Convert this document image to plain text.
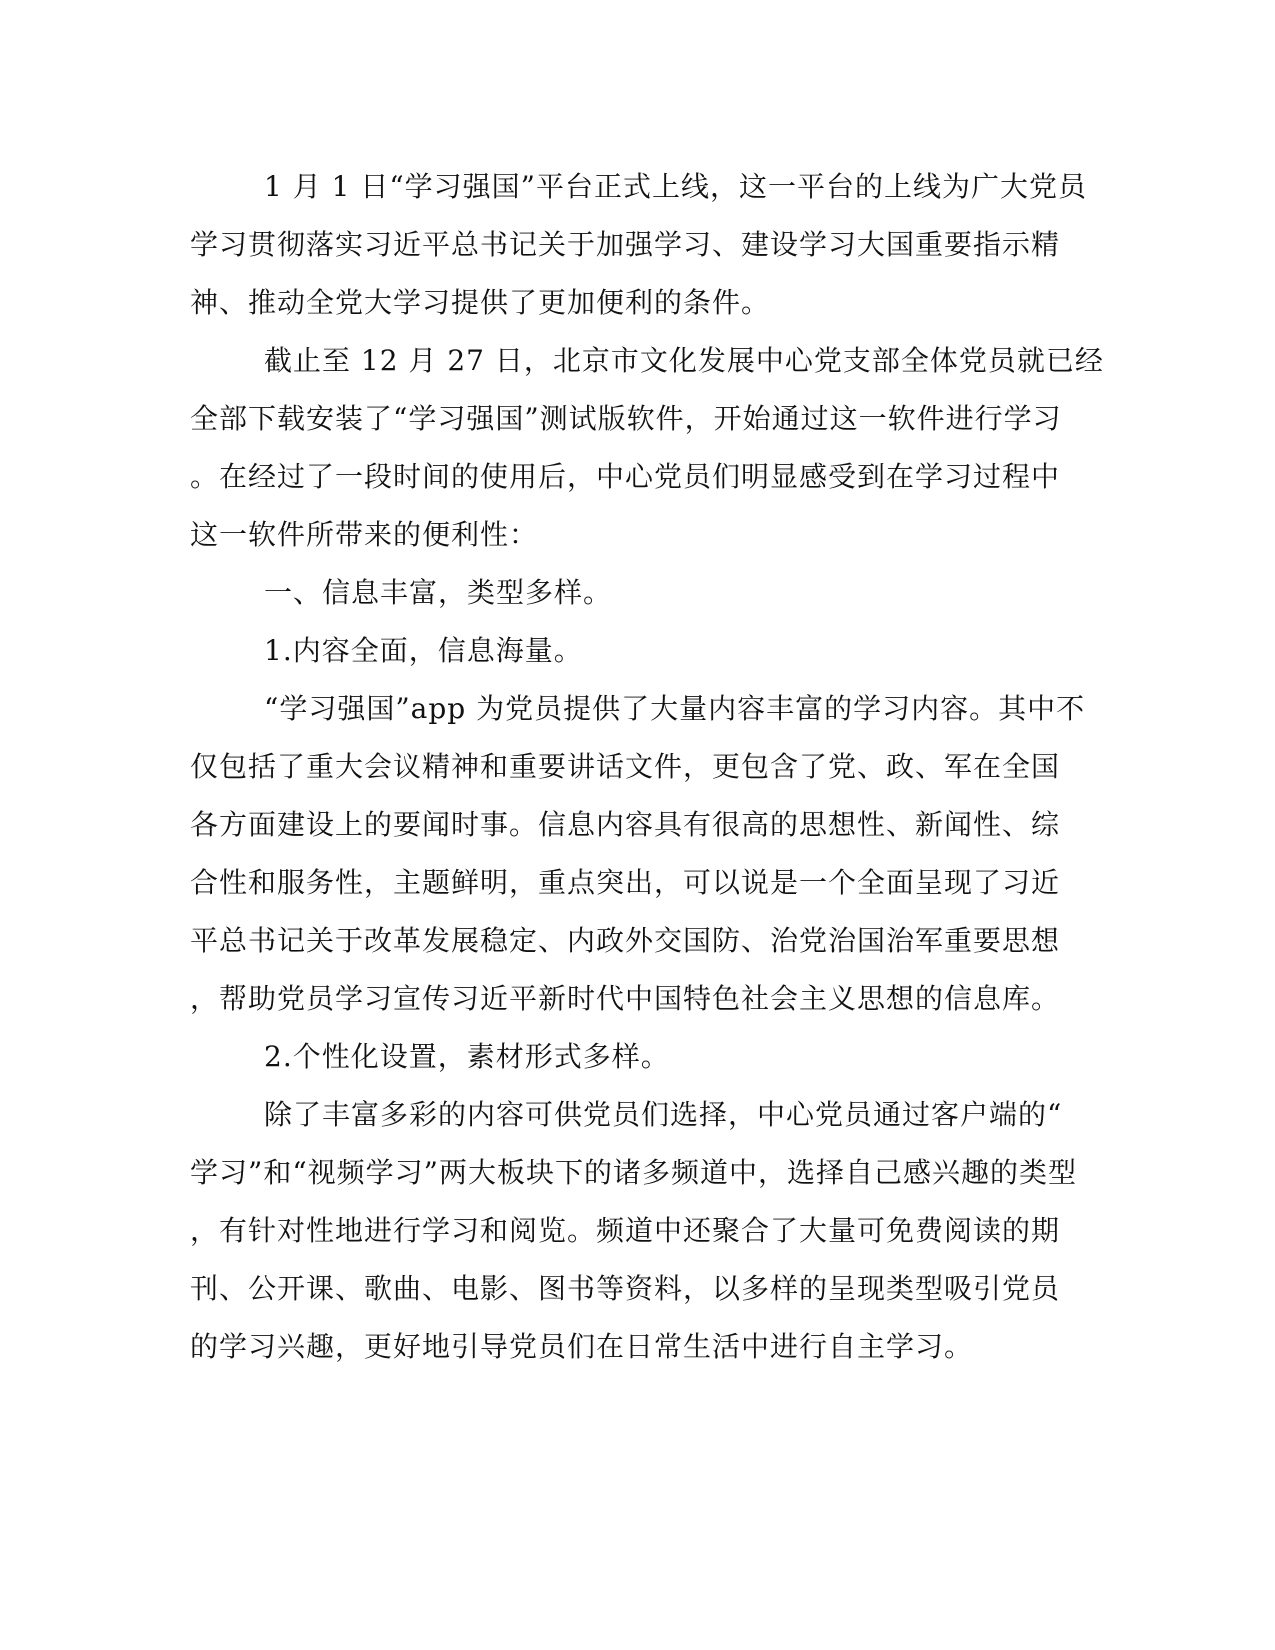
1 月 1 日“学习强国”平台正式上线，这一平台的上线为广大党员
学习贯彻落实习近平总书记关于加强学习、建设学习大国重要指示精
神、推动全党大学习提供了更加便利的条件。
截止至 12 月 27 日，北京市文化发展中心党支部全体党员就已经
全部下载安装了“学习强国”测试版软件，开始通过这一软件进行学习
。在经过了一段时间的使用后，中心党员们明显感受到在学习过程中
这一软件所带来的便利性：
一、信息丰富，类型多样。
1.内容全面，信息海量。
“学习强国”app 为党员提供了大量内容丰富的学习内容。其中不
仅包括了重大会议精神和重要讲话文件，更包含了党、政、军在全国
各方面建设上的要闻时事。信息内容具有很高的思想性、新闻性、综
合性和服务性，主题鲜明，重点突出，可以说是一个全面呈现了习近
平总书记关于改革发展稳定、内政外交国防、治党治国治军重要思想
，帮助党员学习宣传习近平新时代中国特色社会主义思想的信息库。
2.个性化设置，素材形式多样。
除了丰富多彩的内容可供党员们选择，中心党员通过客户端的“
学习”和“视频学习”两大板块下的诸多频道中，选择自己感兴趣的类型
，有针对性地进行学习和阅览。频道中还聚合了大量可免费阅读的期
刊、公开课、歌曲、电影、图书等资料，以多样的呈现类型吸引党员
的学习兴趣，更好地引导党员们在日常生活中进行自主学习。
